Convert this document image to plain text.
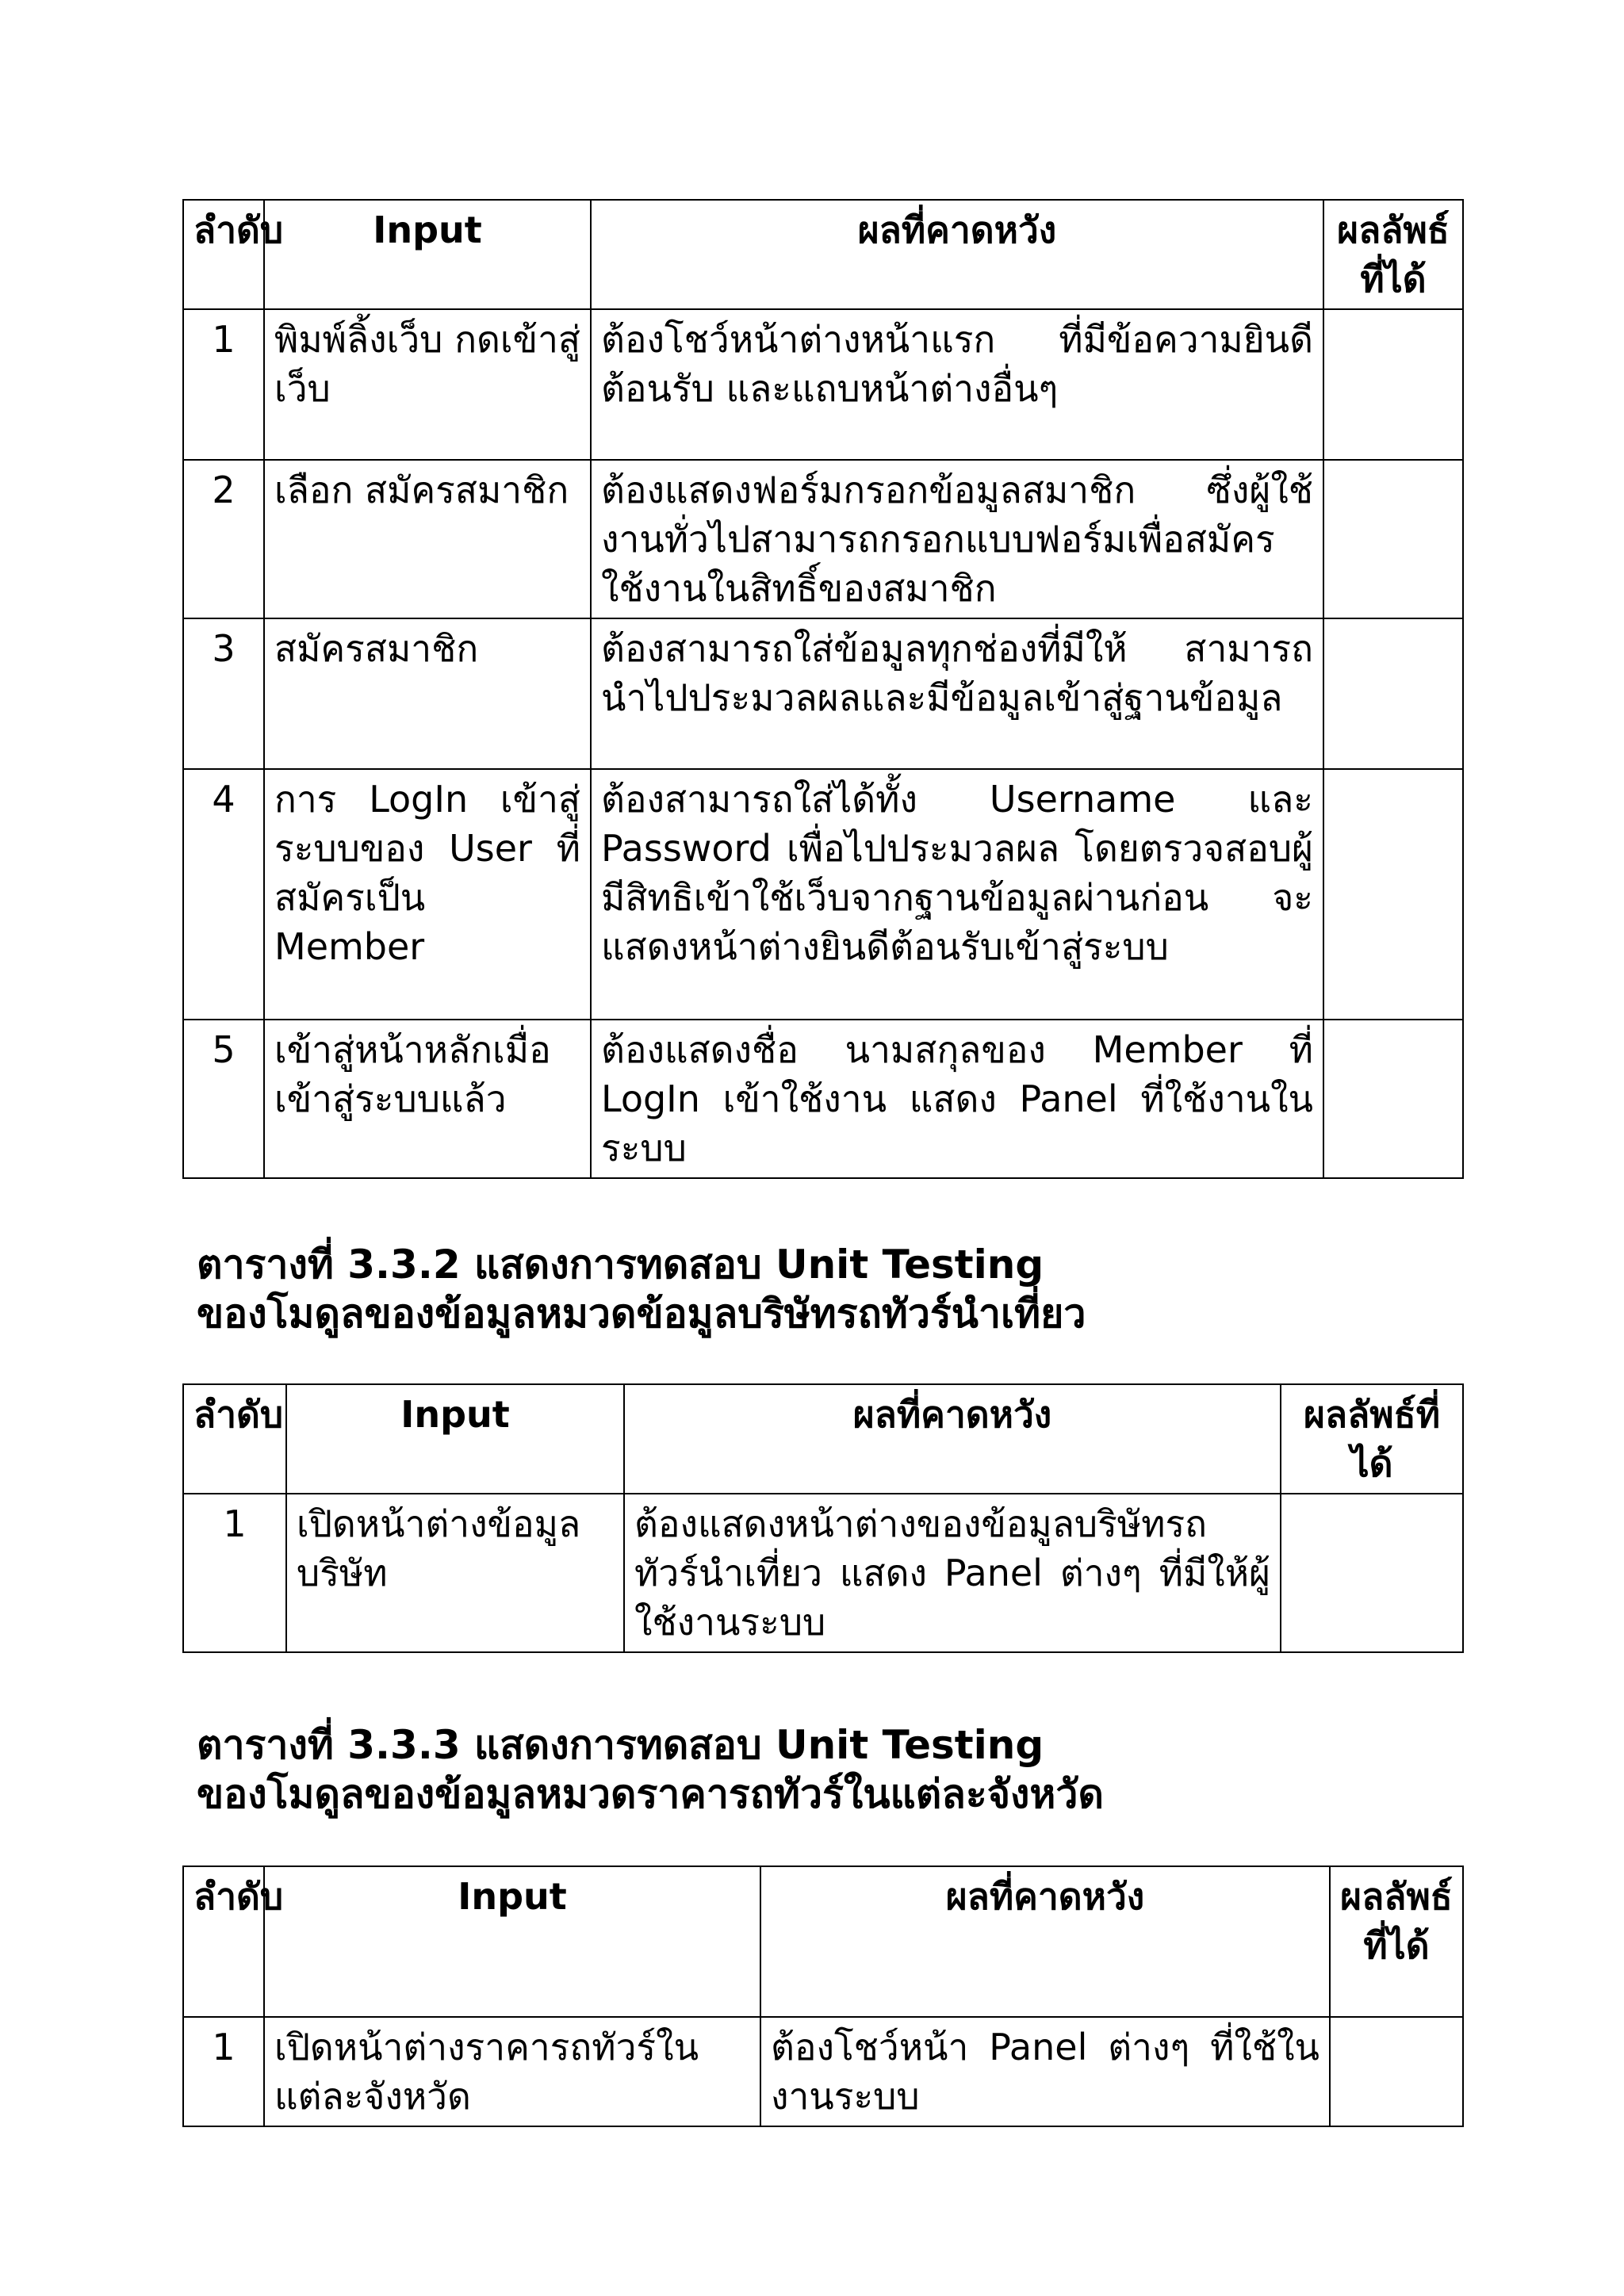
ลำดับ	Input	ผลที่คาดหวัง	ผลลัพธ์ที่ได้
1	พิมพ์ลิ้งเว็บ กดเข้าสู่เว็บ	ต้องโชว์หน้าต่างหน้าแรก ที่มีข้อความยินดีต้อนรับ และแถบหน้าต่างอื่นๆ	
2	เลือก สมัครสมาชิก	ต้องแสดงฟอร์มกรอกข้อมูลสมาชิก ซึ่งผู้ใช้งานทั่วไปสามารถกรอกแบบฟอร์มเพื่อสมัครใช้งานในสิทธิ์ของสมาชิก	
3	สมัครสมาชิก	ต้องสามารถใส่ข้อมูลทุกช่องที่มีให้ สามารถนำไปประมวลผลและมีข้อมูลเข้าสู่ฐานข้อมูล	
4	การ LogIn เข้าสู่ระบบของ User ที่สมัครเป็น Member	ต้องสามารถใส่ได้ทั้ง Username และ Password เพื่อไปประมวลผล โดยตรวจสอบผู้มีสิทธิเข้าใช้เว็บจากฐานข้อมูลผ่านก่อน จะแสดงหน้าต่างยินดีต้อนรับเข้าสู่ระบบ	
5	เข้าสู่หน้าหลักเมื่อเข้าสู่ระบบแล้ว	ต้องแสดงชื่อ นามสกุลของ Member ที่ LogIn เข้าใช้งาน แสดง Panel ที่ใช้งานในระบบ	
ตารางที่ 3.3.2 แสดงการทดสอบ Unit Testing
ของโมดูลของข้อมูลหมวดข้อมูลบริษัทรถทัวร์นำเที่ยว
ลำดับ	Input	ผลที่คาดหวัง	ผลลัพธ์ที่ได้
1	เปิดหน้าต่างข้อมูลบริษัท	ต้องแสดงหน้าต่างของข้อมูลบริษัทรถทัวร์นำเที่ยว แสดง Panel ต่างๆ ที่มีให้ผู้ใช้งานระบบ	
ตารางที่ 3.3.3 แสดงการทดสอบ Unit Testing
ของโมดูลของข้อมูลหมวดราคารถทัวร์ในแต่ละจังหวัด
ลำดับ	Input	ผลที่คาดหวัง	ผลลัพธ์ที่ได้
1	เปิดหน้าต่างราคารถทัวร์ในแต่ละจังหวัด	ต้องโชว์หน้า Panel ต่างๆ ที่ใช้ในงานระบบ	
